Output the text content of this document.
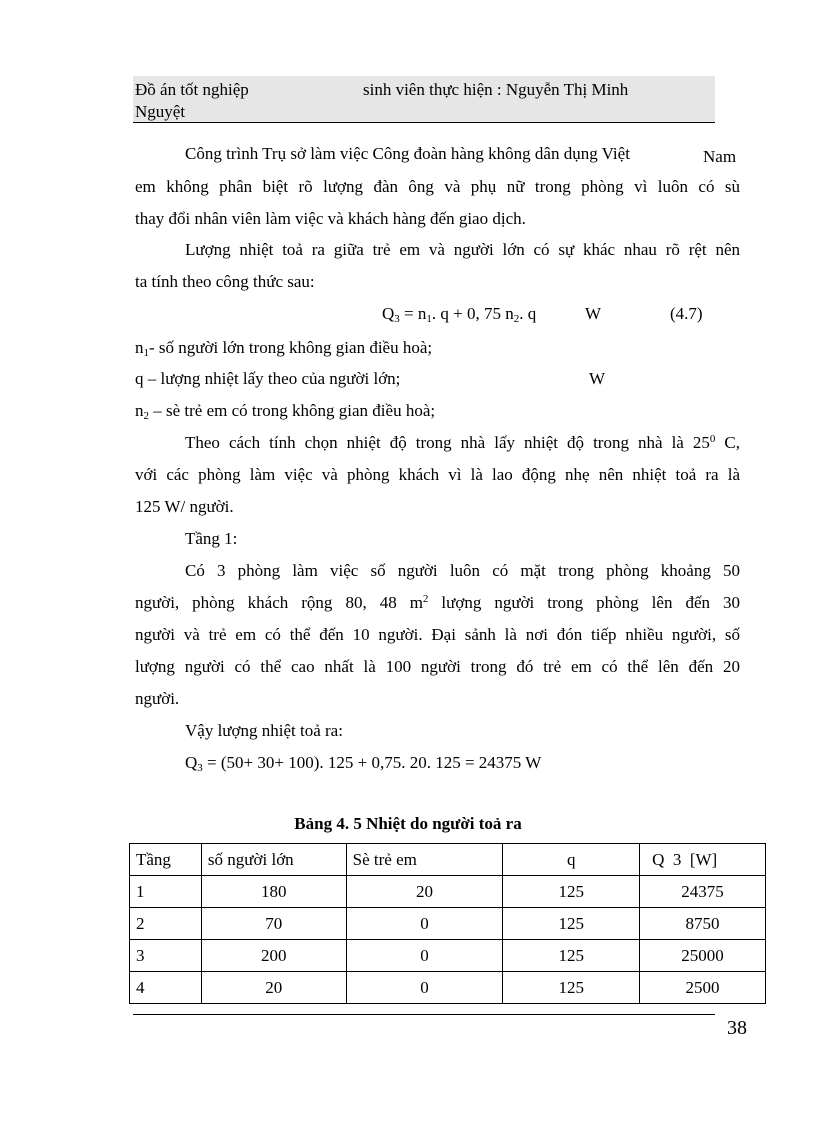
Đồ án tốt nghiệp	sinh viên thực hiện : Nguyễn Thị Minh
Nguyệt
Công trình Trụ sở làm việc Công đoàn hàng không dân dụng Việt	Nam
em không phân biệt rõ lượng đàn ông và phụ nữ trong phòng vì luôn có sù
thay đổi nhân viên làm việc và khách hàng đến giao dịch.
Lượng nhiệt toả ra giữa trẻ em và người lớn có sự khác nhau rõ rệt nên
ta tính theo công thức sau:
$Q_3 = n_1$. q + 0, 75 $n_2$. q	W	(4.7)
$n_1-$ số người lớn trong không gian điều hoà;
q – lượng nhiệt lấy theo của người lớn;	W
$n_2$ – sè trẻ em có trong không gian điều hoà;
Theo cách tính chọn nhiệt độ trong nhà lấy nhiệt độ trong nhà là $25^0$ C,
với các phòng làm việc và phòng khách vì là lao động nhẹ nên nhiệt toả ra là
125 W/ người.
Tầng 1:
Có 3 phòng làm việc số người luôn có mặt trong phòng khoảng 50
người, phòng khách rộng 80, 48 $m^2$ lượng người trong phòng lên đến 30
người và trẻ em có thể đến 10 người. Đại sảnh là nơi đón tiếp nhiều người, số
lượng người có thể cao nhất là 100 người trong đó trẻ em có thể lên đến 20
người.
Vậy lượng nhiệt toả ra:
$Q_3 = (50+ 30+ 100)$. 125 + 0,75. 20. 125 = 24375 W
Bảng 4. 5 Nhiệt do người toả ra
Tầng	số người lớn	Sè trẻ em	q	Q  3  [W]
1	180	20	125	24375
2	70	0	125	8750
3	200	0	125	25000
4	20	0	125	2500
38
